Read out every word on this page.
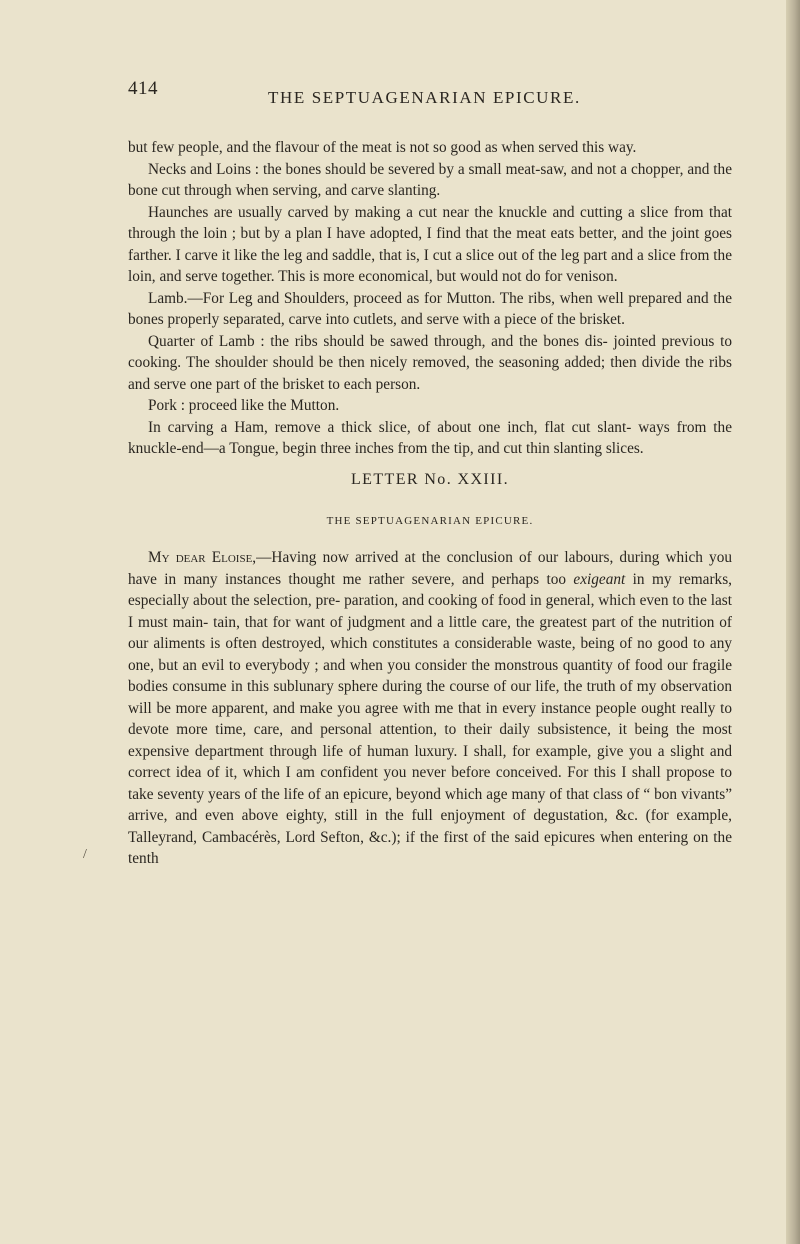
414	THE SEPTUAGENARIAN EPICURE.

but few people, and the flavour of the meat is not so good as when served this way.

Necks and Loins : the bones should be severed by a small meat-saw, and not a chopper, and the bone cut through when serving, and carve slanting.

Haunches are usually carved by making a cut near the knuckle and cutting a slice from that through the loin ; but by a plan I have adopted, I find that the meat eats better, and the joint goes farther. I carve it like the leg and saddle, that is, I cut a slice out of the leg part and a slice from the loin, and serve together. This is more economical, but would not do for venison.

Lamb.—For Leg and Shoulders, proceed as for Mutton. The ribs, when well prepared and the bones properly separated, carve into cutlets, and serve with a piece of the brisket.

Quarter of Lamb : the ribs should be sawed through, and the bones dis- jointed previous to cooking. The shoulder should be then nicely removed, the seasoning added; then divide the ribs and serve one part of the brisket to each person.

Pork : proceed like the Mutton.

In carving a Ham, remove a thick slice, of about one inch, flat cut slant- ways from the knuckle-end—a Tongue, begin three inches from the tip, and cut thin slanting slices.

LETTER No. XXIII.
THE SEPTUAGENARIAN EPICURE.

My dear Eloise,—Having now arrived at the conclusion of our labours, during which you have in many instances thought me rather severe, and perhaps too exigeant in my remarks, especially about the selection, pre- paration, and cooking of food in general, which even to the last I must main- tain, that for want of judgment and a little care, the greatest part of the nutrition of our aliments is often destroyed, which constitutes a considerable waste, being of no good to any one, but an evil to everybody ; and when you consider the monstrous quantity of food our fragile bodies consume in this sublunary sphere during the course of our life, the truth of my observation will be more apparent, and make you agree with me that in every instance people ought really to devote more time, care, and personal attention, to their daily subsistence, it being the most expensive department through life of human luxury. I shall, for example, give you a slight and correct idea of it, which I am confident you never before conceived. For this I shall propose to take seventy years of the life of an epicure, beyond which age many of that class of “ bon vivants” arrive, and even above eighty, still in the full enjoyment of degustation, &c. (for example, Talleyrand, Cambacérès, Lord Sefton, &c.); if the first of the said epicures when entering on the tenth

/
